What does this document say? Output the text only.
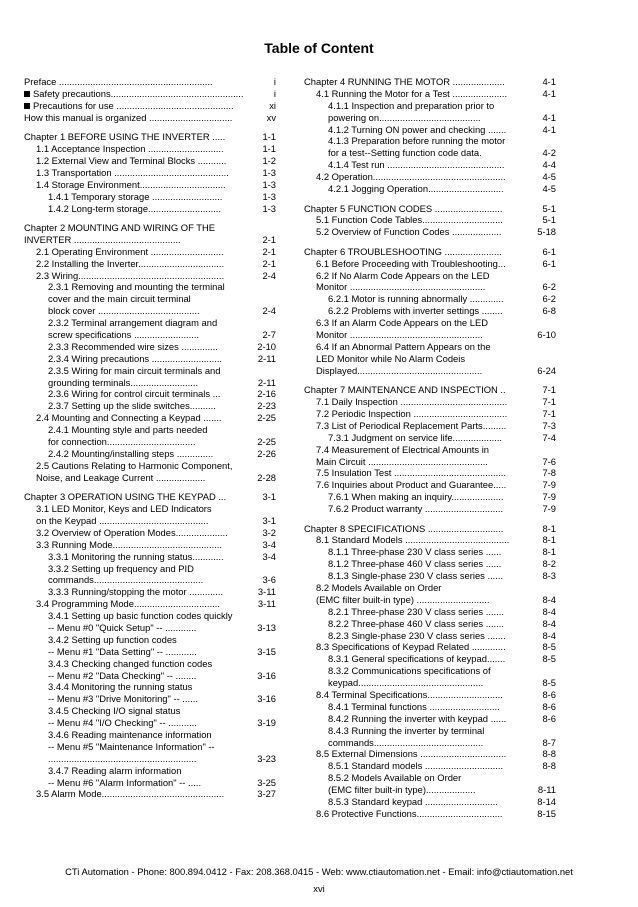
Table of Content
Preface ...........................................................	i
Safety precautions...................................................	i
Precautions for use .............................................	xi
How this manual is organized ................................	xv
Chapter 1 BEFORE USING THE INVERTER .....	1-1
1.1 Acceptance Inspection .............................	1-1
1.2 External View and Terminal Blocks ...........	1-2
1.3 Transportation ............................................	1-3
1.4 Storage Environment.................................	1-3
1.4.1 Temporary storage ...........................	1-3
1.4.2 Long-term storage............................	1-3
Chapter 2 MOUNTING AND WIRING OF THE
INVERTER .........................................	2-1
2.1 Operating Environment ............................	2-1
2.2 Installing the Inverter.................................	2-1
2.3 Wiring........................................................	2-4
2.3.1 Removing and mounting the terminal
cover and the main circuit terminal
block cover .......................................	2-4
2.3.2 Terminal arrangement diagram and
screw specifications .........................	2-7
2.3.3 Recommended wire sizes ..............	2-10
2.3.4 Wiring precautions ...........................	2-11
2.3.5 Wiring for main circuit terminals and
grounding terminals..........................	2-11
2.3.6 Wiring for control circuit terminals ...	2-16
2.3.7 Setting up the slide switches..........	2-23
2.4 Mounting and Connecting a Keypad .......	2-25
2.4.1 Mounting style and parts needed
for connection..................................	2-25
2.4.2 Mounting/installing steps ..............	2-26
2.5 Cautions Relating to Harmonic Component,
Noise, and Leakage Current ...................	2-28
Chapter 3 OPERATION USING THE KEYPAD ...	3-1
3.1 LED Monitor, Keys and LED Indicators
on the Keypad ..........................................	3-1
3.2 Overview of Operation Modes....................	3-2
3.3 Running Mode..........................................	3-4
3.3.1 Monitoring the running status............	3-4
3.3.2 Setting up frequency and PID
commands..........................................	3-6
3.3.3 Running/stopping the motor .............	3-11
3.4 Programming Mode.................................	3-11
3.4.1 Setting up basic function codes quickly
-- Menu #0 "Quick Setup" -- ............	3-13
3.4.2 Setting up function codes
-- Menu #1 "Data Setting" -- ............	3-15
3.4.3 Checking changed function codes
-- Menu #2 "Data Checking" -- ........	3-16
3.4.4 Monitoring the running status
-- Menu #3 "Drive Monitoring" -- ......	3-16
3.4.5 Checking I/O signal status
-- Menu #4 "I/O Checking" -- ...........	3-19
3.4.6 Reading maintenance information
-- Menu #5 "Maintenance Information" --
.........................................................	3-23
3.4.7 Reading alarm information
-- Menu #6 "Alarm Information" -- .....	3-25
3.5 Alarm Mode...............................................	3-27
Chapter 4 RUNNING THE MOTOR ....................	4-1
4.1 Running the Motor for a Test .....................	4-1
4.1.1 Inspection and preparation prior to
powering on.......................................	4-1
4.1.2 Turning ON power and checking .......	4-1
4.1.3 Preparation before running the motor
for a test--Setting function code data.	4-2
4.1.4 Test run .............................................	4-4
4.2 Operation...................................................	4-5
4.2.1 Jogging Operation.............................	4-5
Chapter 5 FUNCTION CODES ..........................	5-1
5.1 Function Code Tables...............................	5-1
5.2 Overview of Function Codes ...................	5-18
Chapter 6 TROUBLESHOOTING ......................	6-1
6.1 Before Proceeding with Troubleshooting...	6-1
6.2 If No Alarm Code Appears on the LED
Monitor ....................................................	6-2
6.2.1 Motor is running abnormally .............	6-2
6.2.2 Problems with inverter settings ........	6-8
6.3 If an Alarm Code Appears on the LED
Monitor ...................................................	6-10
6.4 If an Abnormal Pattern Appears on the
LED Monitor while No Alarm Codeis
Displayed................................................	6-24
Chapter 7 MAINTENANCE AND INSPECTION ..	7-1
7.1 Daily Inspection .........................................	7-1
7.2 Periodic Inspection ....................................	7-1
7.3 List of Periodical Replacement Parts.........	7-3
7.3.1 Judgment on service life...................	7-4
7.4 Measurement of Electrical Amounts in
Main Circuit ..............................................	7-6
7.5 Insulation Test ...........................................	7-8
7.6 Inquiries about Product and Guarantee.....	7-9
7.6.1 When making an inquiry....................	7-9
7.6.2 Product warranty ..............................	7-9
Chapter 8 SPECIFICATIONS .............................	8-1
8.1 Standard Models ........................................	8-1
8.1.1 Three-phase 230 V class series ......	8-1
8.1.2 Three-phase 460 V class series ......	8-2
8.1.3 Single-phase 230 V class series ......	8-3
8.2 Models Available on Order
(EMC filter built-in type) ............................	8-4
8.2.1 Three-phase 230 V class series .......	8-4
8.2.2 Three-phase 460 V class series .......	8-4
8.2.3 Single-phase 230 V class series .......	8-4
8.3 Specifications of Keypad Related .............	8-5
8.3.1 General specifications of keypad.......	8-5
8.3.2 Communications specifications of
keypad................................................	8-5
8.4 Terminal Specifications.............................	8-6
8.4.1 Terminal functions ...........................	8-6
8.4.2 Running the inverter with keypad ......	8-6
8.4.3 Running the inverter by terminal
commands..........................................	8-7
8.5 External Dimensions .................................	8-8
8.5.1 Standard models ..............................	8-8
8.5.2 Models Available on Order
(EMC filter built-in type)...................	8-11
8.5.3 Standard keypad ............................	8-14
8.6 Protective Functions.................................	8-15
CTi Automation - Phone: 800.894.0412 - Fax: 208.368.0415 - Web: www.ctiautomation.net - Email: info@ctiautomation.net
xvi
